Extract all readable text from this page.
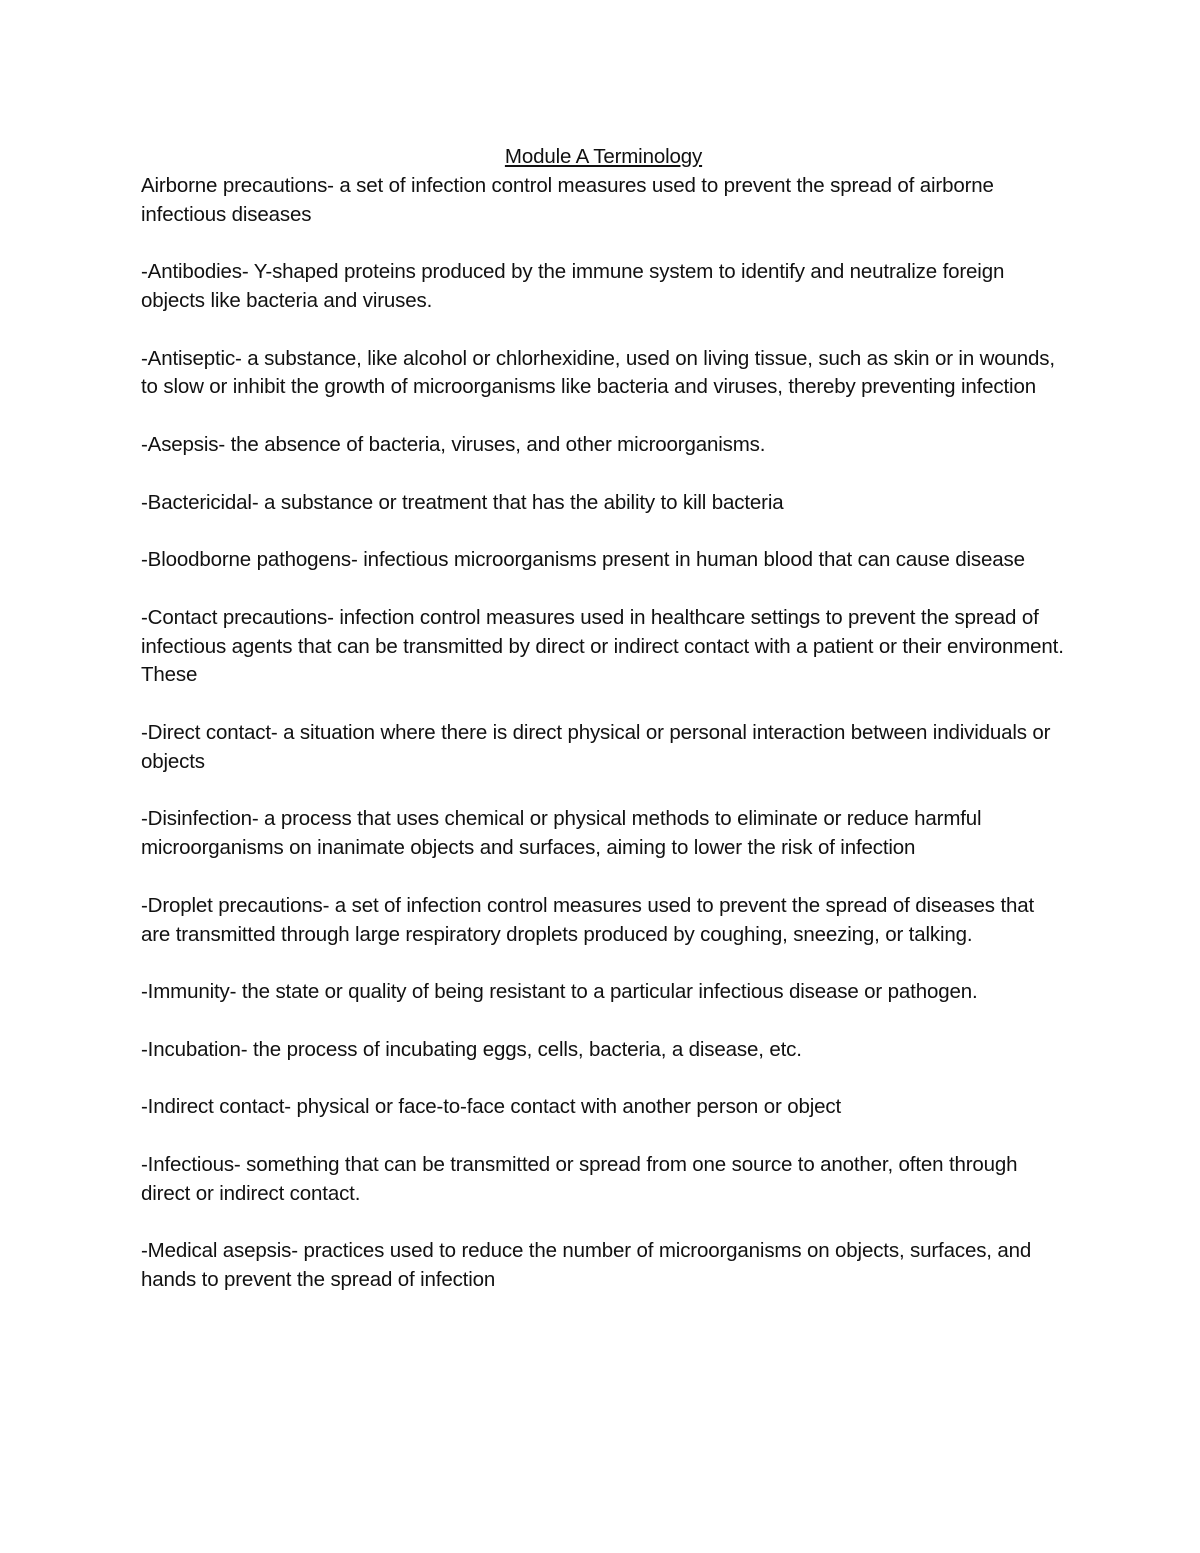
Module A Terminology

Airborne precautions- a set of infection control measures used to prevent the spread of airborne infectious diseases

-Antibodies- Y-shaped proteins produced by the immune system to identify and neutralize foreign objects like bacteria and viruses.

-Antiseptic- a substance, like alcohol or chlorhexidine, used on living tissue, such as skin or in wounds, to slow or inhibit the growth of microorganisms like bacteria and viruses, thereby preventing infection

-Asepsis- the absence of bacteria, viruses, and other microorganisms.

-Bactericidal- a substance or treatment that has the ability to kill bacteria

-Bloodborne pathogens- infectious microorganisms present in human blood that can cause disease

-Contact precautions- infection control measures used in healthcare settings to prevent the spread of infectious agents that can be transmitted by direct or indirect contact with a patient or their environment. These

-Direct contact- a situation where there is direct physical or personal interaction between individuals or objects

-Disinfection- a process that uses chemical or physical methods to eliminate or reduce harmful microorganisms on inanimate objects and surfaces, aiming to lower the risk of infection

-Droplet precautions- a set of infection control measures used to prevent the spread of diseases that are transmitted through large respiratory droplets produced by coughing, sneezing, or talking.

-Immunity- the state or quality of being resistant to a particular infectious disease or pathogen.

-Incubation- the process of incubating eggs, cells, bacteria, a disease, etc.

-Indirect contact- physical or face-to-face contact with another person or object

-Infectious- something that can be transmitted or spread from one source to another, often through direct or indirect contact.

-Medical asepsis- practices used to reduce the number of microorganisms on objects, surfaces, and hands to prevent the spread of infection
